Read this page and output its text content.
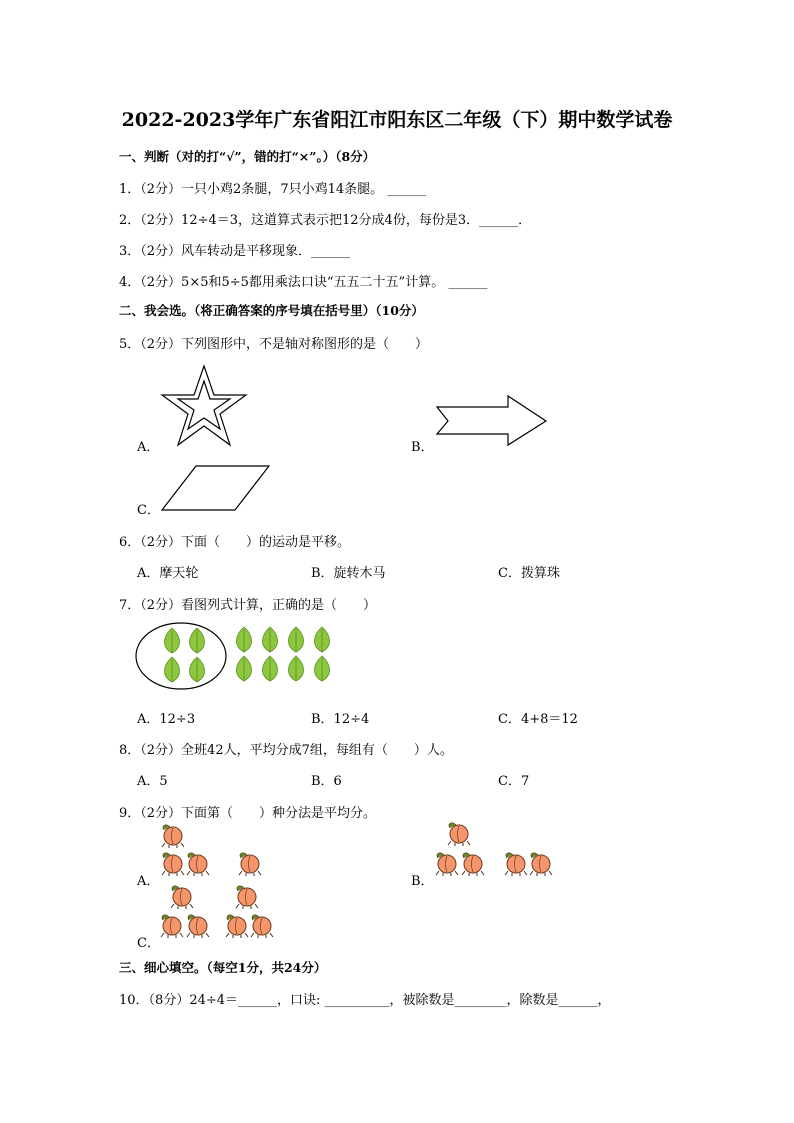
2022-2023学年广东省阳江市阳东区二年级（下）期中数学试卷
一、判断（对的打“√”，错的打“×”。）（8分）
1．（2分）一只小鸡2条腿，7只小鸡14条腿。 ______
2．（2分）12÷4＝3，这道算式表示把12分成4份，每份是3．______．
3．（2分）风车转动是平移现象．______
4．（2分）5×5和5÷5都用乘法口诀“五五二十五”计算。 ______
二、我会选。（将正确答案的序号填在括号里）（10分）
5．（2分）下列图形中，不是轴对称图形的是（　　）
A．	B．
C．
6．（2分）下面（　　）的运动是平移。
A．摩天轮	B．旋转木马	C．拨算珠
7．（2分）看图列式计算，正确的是（　　）
A．12÷3	B．12÷4	C．4+8＝12
8．（2分）全班42人，平均分成7组，每组有（　　）人。
A．5	B．6	C．7
9．（2分）下面第（　　）种分法是平均分。
A．	B．
C．
三、细心填空。（每空1分，共24分）
10．（8分）24÷4＝______，口诀: __________，被除数是________，除数是______，
